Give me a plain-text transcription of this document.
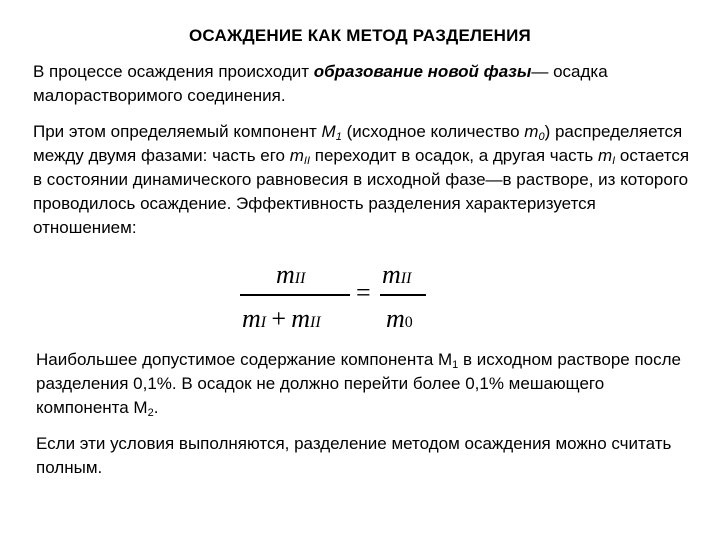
ОСАЖДЕНИЕ КАК МЕТОД РАЗДЕЛЕНИЯ
В процессе осаждения происходит образование новой фазы— осадка малорастворимого соединения.
При этом определяемый компонент $М_1$ (исходное количество $m_0$) распределяется между двумя фазами: часть его $m_{II}$ переходит в осадок, а другая часть $m_I$ остается в состоянии динамического равновесия в исходной фазе—в растворе, из которого проводилось осаждение. Эффективность разделения характеризуется отношением:
mII
mI  +  mII
=
mII
m0
Наибольшее допустимое содержание компонента $М_1$ в исходном растворе после разделения 0,1%. В осадок не должно перейти более 0,1% мешающего компонента $М_2$.
Если эти условия выполняются, разделение методом осаждения можно считать полным.
